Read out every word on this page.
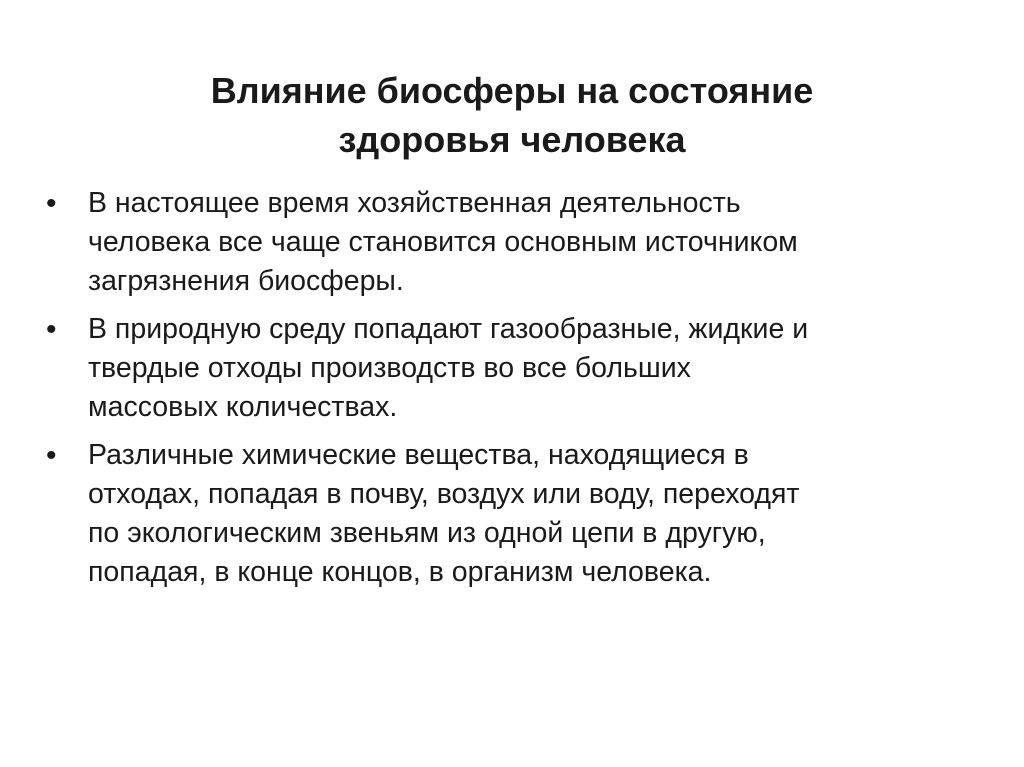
Влияние биосферы на состояние
здоровья человека
• В настоящее время хозяйственная деятельность
человека все чаще становится основным источником
загрязнения биосферы.
• В природную среду попадают газообразные, жидкие и
твердые отходы производств во все больших
массовых количествах.
• Различные химические вещества, находящиеся в
отходах, попадая в почву, воздух или воду, переходят
по экологическим звеньям из одной цепи в другую,
попадая, в конце концов, в организм человека.
